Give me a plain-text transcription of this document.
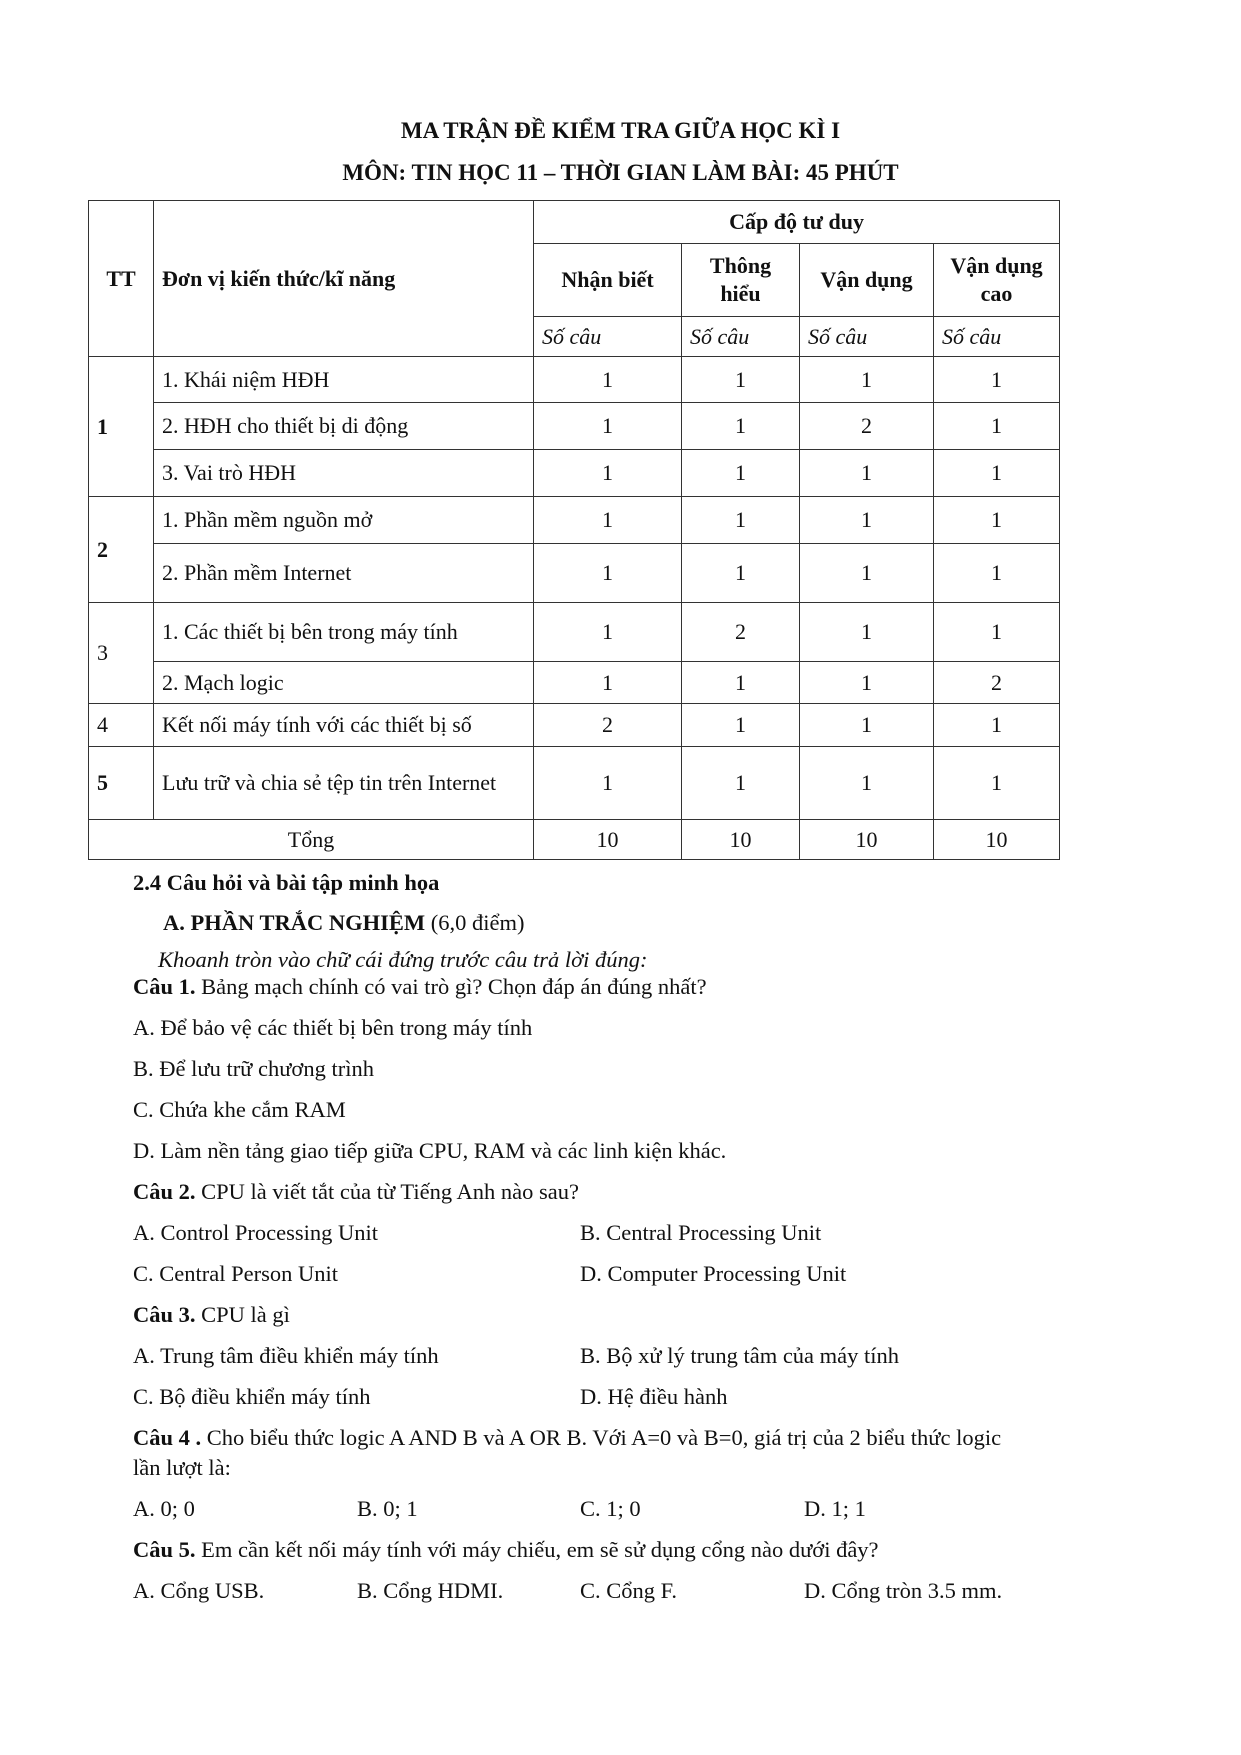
MA TRẬN ĐỀ KIỂM TRA GIỮA HỌC KÌ I
MÔN: TIN HỌC 11 – THỜI GIAN LÀM BÀI: 45 PHÚT
TT	Đơn vị kiến thức/kĩ năng	Cấp độ tư duy			
		Nhận biết	Thông hiểu	Vận dụng	Vận dụng cao
		Số câu	Số câu	Số câu	Số câu
1	1. Khái niệm HĐH	1	1	1	1
	2. HĐH cho thiết bị di động	1	1	2	1
	3. Vai trò HĐH	1	1	1	1
2	1. Phần mềm nguồn mở	1	1	1	1
	2. Phần mềm Internet	1	1	1	1
3	1. Các thiết bị bên trong máy tính	1	2	1	1
	2. Mạch logic	1	1	1	2
4	Kết nối máy tính với các thiết bị số	2	1	1	1
5	Lưu trữ và chia sẻ tệp tin trên Internet	1	1	1	1
Tổng		10	10	10	10
2.4 Câu hỏi và bài tập minh họa
A. PHẦN TRẮC NGHIỆM (6,0 điểm)
Khoanh tròn vào chữ cái đứng trước câu trả lời đúng:
Câu 1. Bảng mạch chính có vai trò gì? Chọn đáp án đúng nhất?
A. Để bảo vệ các thiết bị bên trong máy tính
B. Để lưu trữ chương trình
C. Chứa khe cắm RAM
D. Làm nền tảng giao tiếp giữa CPU, RAM và các linh kiện khác.
Câu 2. CPU là viết tắt của từ Tiếng Anh nào sau?
A. Control Processing Unit	B. Central Processing Unit
C. Central Person Unit	D. Computer Processing Unit
Câu 3. CPU là gì
A. Trung tâm điều khiển máy tính	B. Bộ xử lý trung tâm của máy tính
C. Bộ điều khiển máy tính	D. Hệ điều hành
Câu 4 . Cho biểu thức logic A AND B và A OR B. Với A=0 và B=0, giá trị của 2 biểu thức logic
lần lượt là:
A. 0; 0	B. 0; 1	C. 1; 0	D. 1; 1
Câu 5. Em cần kết nối máy tính với máy chiếu, em sẽ sử dụng cổng nào dưới đây?
A. Cổng USB.	B. Cổng HDMI.	C. Cổng F.	D. Cổng tròn 3.5 mm.
